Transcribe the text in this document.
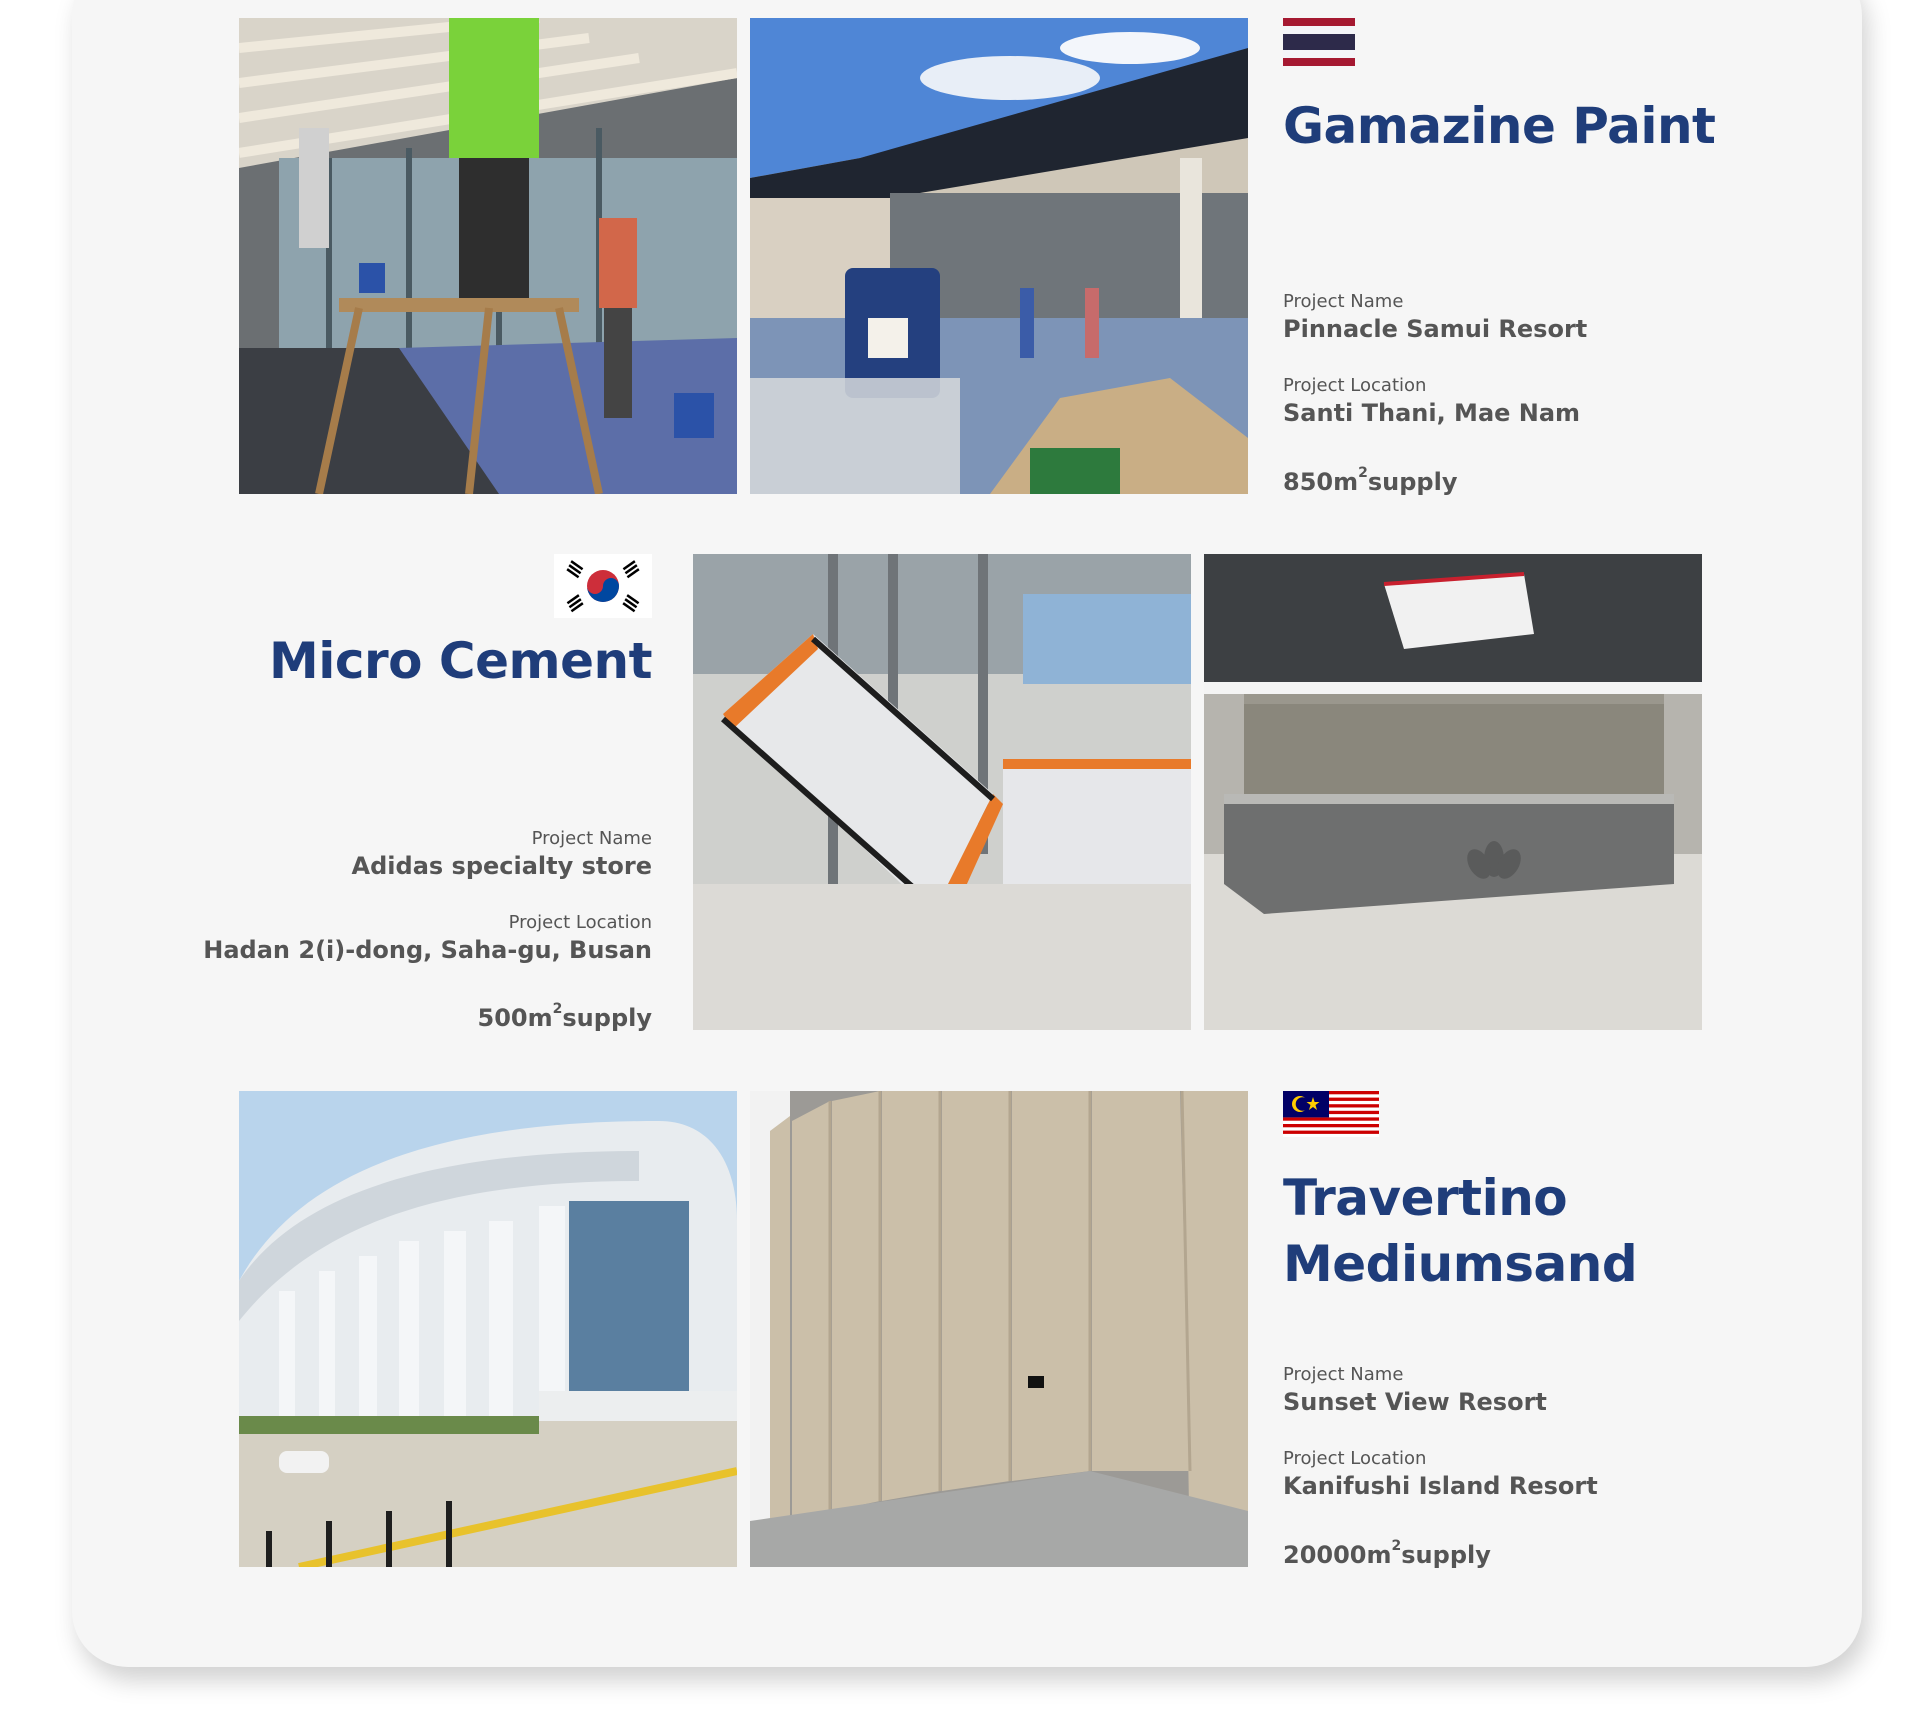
Gamazine Paint
Project Name
Pinnacle Samui Resort
Project Location
Santi Thani, Mae Nam
$850m^2supply$
Micro Cement
Project Name
Adidas specialty store
Project Location
Hadan 2(i)-dong, Saha-gu, Busan
$500m^2supply$
Travertino
Mediumsand
Project Name
Sunset View Resort
Project Location
Kanifushi Island Resort
$20000m^2supply$
